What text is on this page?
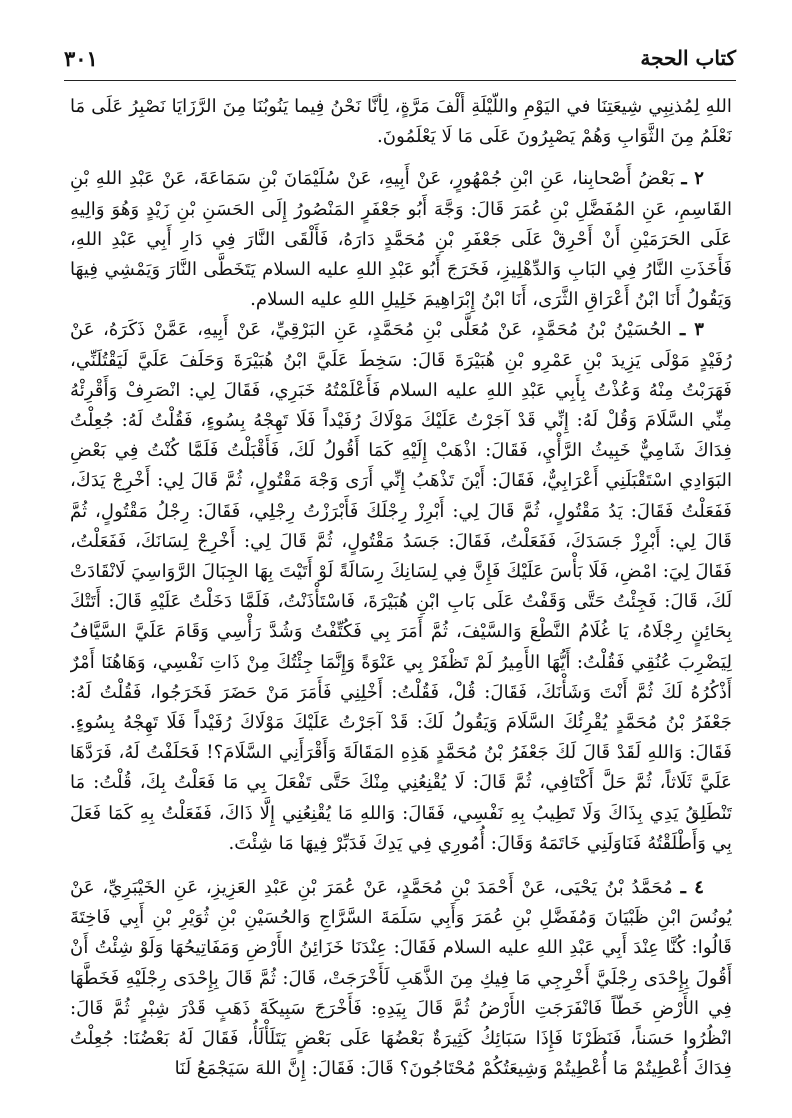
كتاب الحجة
٣٠١

اللهِ لِمُذنِبِي شِيعَتِنَا في اليَوْمِ واللَّيْلَةِ أَلْفَ مَرَّةٍ، لِأَنَّا نَحْنُ فِيما يَنُوبُنَا مِنَ الرَّزَايَا نَصْبِرُ عَلَى مَا نَعْلَمُ مِنَ الثَّوَابِ وَهُمْ يَصْبِرُونَ عَلَى مَا لَا يَعْلَمُونَ.

٢ ـ بَعْضُ أَصْحابِنا، عَنِ ابْنِ جُمْهُورٍ، عَنْ أَبِيهِ، عَنْ سُلَيْمَانَ بْنِ سَمَاعَةَ، عَنْ عَبْدِ اللهِ بْنِ القَاسِمِ، عَنِ المُفَضَّلِ بْنِ عُمَرَ قَالَ: وَجَّهَ أَبُو جَعْفَرٍ المَنْصُورُ إِلَى الحَسَنِ بْنِ زَيْدٍ وَهُوَ وَالِيهِ عَلَى الحَرَمَيْنِ أَنْ أَحْرِقْ عَلَى جَعْفَرِ بْنِ مُحَمَّدٍ دَارَهُ، فَأَلْقَى النَّارَ فِي دَارِ أَبِي عَبْدِ اللهِ، فَأَخَذَتِ النَّارُ فِي البَابِ وَالدِّهْلِيزِ، فَخَرَجَ أَبُو عَبْدِ اللهِ عليه السلام يَتَخَطَّى النَّارَ وَيَمْشِي فِيهَا وَيَقُولُ أَنَا ابْنُ أَعْرَاقِ الثَّرَى، أَنَا ابْنُ إِبْرَاهِيمَ خَلِيلِ اللهِ عليه السلام.

٣ ـ الحُسَيْنُ بْنُ مُحَمَّدٍ، عَنْ مُعَلَّى بْنِ مُحَمَّدٍ، عَنِ البَرْقِيِّ، عَنْ أَبِيهِ، عَمَّنْ ذَكَرَهُ، عَنْ رُفَيْدٍ مَوْلَى يَزِيدَ بْنِ عَمْرِو بْنِ هُبَيْرَةَ قَالَ: سَخِطَ عَلَيَّ ابْنُ هُبَيْرَةَ وَحَلَفَ عَلَيَّ لَيَقْتُلَنِّي، فَهَرَبْتُ مِنْهُ وَعُذْتُ بِأَبِي عَبْدِ اللهِ عليه السلام فَأَعْلَمْتُهُ خَبَرِي، فَقَالَ لِي: انْصَرِفْ وَأَقْرِئْهُ مِنِّي السَّلَامَ وَقُلْ لَهُ: إِنِّي قَدْ آجَرْتُ عَلَيْكَ مَوْلَاكَ رُفَيْداً فَلَا تَهِجْهُ بِسُوءٍ، فَقُلْتُ لَهُ: جُعِلْتُ فِدَاكَ شَامِيٌّ خَبِيثُ الرَّأْيِ، فَقَالَ: اذْهَبْ إِلَيْهِ كَمَا أَقُولُ لَكَ، فَأَقْبَلْتُ فَلَمَّا كُنْتُ فِي بَعْضِ البَوَادِي اسْتَقْبَلَنِي أَعْرَابِيٌّ، فَقَالَ: أَيْنَ تَذْهَبُ إِنِّي أَرَى وَجْهَ مَقْتُولٍ، ثُمَّ قَالَ لِي: أَخْرِجْ يَدَكَ، فَفَعَلْتُ فَقَالَ: يَدُ مَقْتُولٍ، ثُمَّ قَالَ لِي: أَبْرِزْ رِجْلَكَ فَأَبْرَزْتُ رِجْلِي، فَقَالَ: رِجْلُ مَقْتُولٍ، ثُمَّ قَالَ لِي: أَبْرِزْ جَسَدَكَ، فَفَعَلْتُ، فَقَالَ: جَسَدُ مَقْتُولٍ، ثُمَّ قَالَ لِي: أَخْرِجْ لِسَانَكَ، فَفَعَلْتُ، فَقَالَ لِيَ: امْضِ، فَلَا بَأْسَ عَلَيْكَ فَإِنَّ فِي لِسَانِكَ رِسَالَةً لَوْ أَتَيْتَ بِهَا الجِبَالَ الرَّوَاسِيَ لَانْقَادَتْ لَكَ، قَالَ: فَجِئْتُ حَتَّى وَقَفْتُ عَلَى بَابِ ابْنِ هُبَيْرَةَ، فَاسْتَأْذَنْتُ، فَلَمَّا دَخَلْتُ عَلَيْهِ قَالَ: أَتَتْكَ بِحَائِنٍ رِجْلَاهُ، يَا غُلَامُ النَّطْعَ وَالسَّيْفَ، ثُمَّ أَمَرَ بِي فَكُتِّفْتُ وَشُدَّ رَأْسِي وَقَامَ عَلَيَّ السَّيَّافُ لِيَضْرِبَ عُنُقِي فَقُلْتُ: أَيُّهَا الأَمِيرُ لَمْ تَظْفَرْ بِي عَنْوَةً وَإِنَّمَا جِئْتُكَ مِنْ ذَاتِ نَفْسِي، وَهَاهُنَا أَمْرٌ أَذْكُرُهُ لَكَ ثُمَّ أَنْتَ وَشَأْنَكَ، فَقَالَ: قُلْ، فَقُلْتُ: أَخْلِنِي فَأَمَرَ مَنْ حَضَرَ فَخَرَجُوا، فَقُلْتُ لَهُ: جَعْفَرُ بْنُ مُحَمَّدٍ يُقْرِئُكَ السَّلَامَ وَيَقُولُ لَكَ: قَدْ آجَرْتُ عَلَيْكَ مَوْلَاكَ رُفَيْداً فَلَا تَهِجْهُ بِسُوءٍ. فَقَالَ: وَاللهِ لَقَدْ قَالَ لَكَ جَعْفَرُ بْنُ مُحَمَّدٍ هَذِهِ المَقَالَةَ وَأَقْرَأَنِي السَّلَامَ؟! فَحَلَفْتُ لَهُ، فَرَدَّهَا عَلَيَّ ثَلَاثاً، ثُمَّ حَلَّ أَكْتَافِي، ثُمَّ قَالَ: لَا يُقْنِعُنِي مِنْكَ حَتَّى تَفْعَلَ بِي مَا فَعَلْتُ بِكَ، قُلْتُ: مَا تَنْطَلِقُ يَدِي بِذَاكَ وَلَا تَطِيبُ بِهِ نَفْسِي، فَقَالَ: وَاللهِ مَا يُقْنِعُنِي إِلَّا ذَاكَ، فَفَعَلْتُ بِهِ كَمَا فَعَلَ بِي وَأَطْلَقْتُهُ فَنَاوَلَنِي خَاتَمَهُ وَقَالَ: أُمُورِي فِي يَدِكَ فَدَبِّرْ فِيهَا مَا شِئْتَ.

٤ ـ مُحَمَّدُ بْنُ يَحْيَى، عَنْ أَحْمَدَ بْنِ مُحَمَّدٍ، عَنْ عُمَرَ بْنِ عَبْدِ العَزِيزِ، عَنِ الخَيْبَرِيِّ، عَنْ يُونُسَ ابْنِ ظَبْيَانَ وَمُفَضَّلِ بْنِ عُمَرَ وَأَبِي سَلَمَةَ السَّرَّاجِ وَالحُسَيْنِ بْنِ ثُوَيْرِ بْنِ أَبِي فَاخِتَةَ قَالُوا: كُنَّا عِنْدَ أَبِي عَبْدِ اللهِ عليه السلام فَقَالَ: عِنْدَنَا خَزَائِنُ الأَرْضِ وَمَفَاتِيحُهَا وَلَوْ شِئْتُ أَنْ أَقُولَ بِإِحْدَى رِجْلَيَّ أَخْرِجِي مَا فِيكِ مِنَ الذَّهَبِ لَأَخْرَجَتْ، قَالَ: ثُمَّ قَالَ بِإِحْدَى رِجْلَيْهِ فَخَطَّهَا فِي الأَرْضِ خَطّاً فَانْفَرَجَتِ الأَرْضُ ثُمَّ قَالَ بِيَدِهِ: فَأَخْرَجَ سَبِيكَةَ ذَهَبٍ قَدْرَ شِبْرٍ ثُمَّ قَالَ: انْظُرُوا حَسَناً، فَنَظَرْنَا فَإِذَا سَبَائِكُ كَثِيرَةٌ بَعْضُهَا عَلَى بَعْضٍ يَتَلَأْلَأُ، فَقَالَ لَهُ بَعْضُنَا: جُعِلْتُ فِدَاكَ أُعْطِيتُمْ مَا أُعْطِيتُمْ وَشِيعَتُكُمْ مُحْتَاجُونَ؟ قَالَ: فَقَالَ: إِنَّ اللهَ سَيَجْمَعُ لَنَا
